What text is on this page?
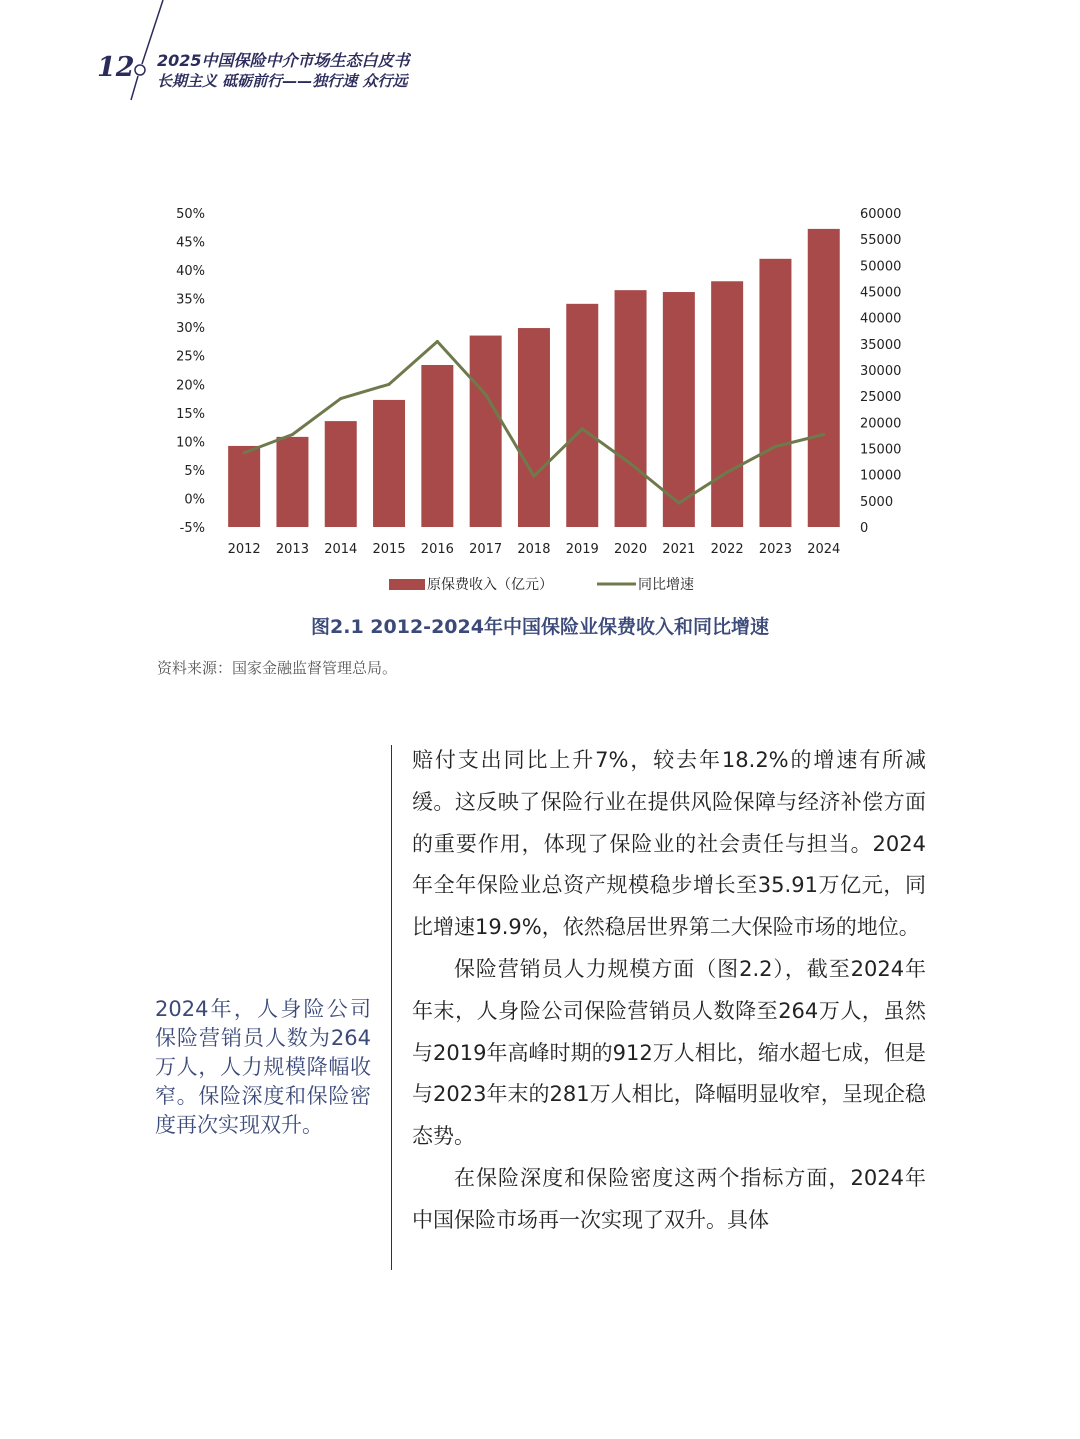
12 2025中国保险中介市场生态白皮书
长期主义 砥砺前行——独行速 众行远
50%
45%
40%
35%
30%
25%
20%
15%
10%
5%
0%
-5%
60000
55000
50000
45000
40000
35000
30000
25000
20000
15000
10000
5000
0
2012 2013 2014 2015 2016 2017 2018 2019 2020 2021 2022 2023 2024
原保费收入（亿元）	同比增速
图2.1 2012-2024年中国保险业保费收入和同比增速
资料来源：国家金融监督管理总局。
2024年，人身险公司保险营销员人数为264万人，人力规模降幅收窄。保险深度和保险密度再次实现双升。

赔付支出同比上升7%，较去年18.2%的增速有所减缓。这反映了保险行业在提供风险保障与经济补偿方面的重要作用，体现了保险业的社会责任与担当。2024年全年保险业总资产规模稳步增长至35.91万亿元，同比增速19.9%，依然稳居世界第二大保险市场的地位。

保险营销员人力规模方面（图2.2），截至2024年年末，人身险公司保险营销员人数降至264万人，虽然与2019年高峰时期的912万人相比，缩水超七成，但是与2023年末的281万人相比，降幅明显收窄，呈现企稳态势。

在保险深度和保险密度这两个指标方面，2024年中国保险市场再一次实现了双升。具体
